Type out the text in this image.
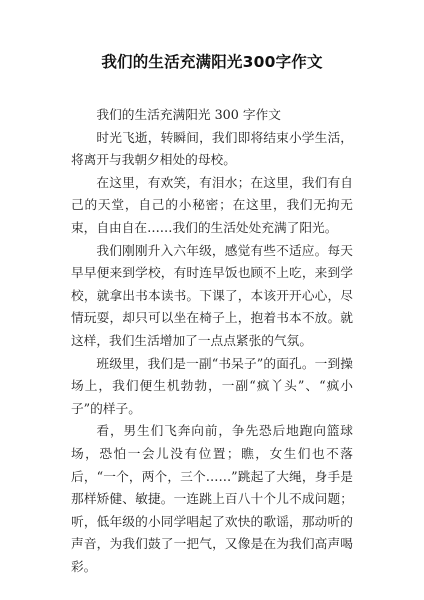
我们的生活充满阳光300字作文

我们的生活充满阳光 300 字作文

时光飞逝，转瞬间，我们即将结束小学生活，将离开与我朝夕相处的母校。

在这里，有欢笑，有泪水；在这里，我们有自己的天堂，自己的小秘密；在这里，我们无拘无束，自由自在……我们的生活处处充满了阳光。

我们刚刚升入六年级，感觉有些不适应。每天早早便来到学校，有时连早饭也顾不上吃，来到学校，就拿出书本读书。下课了，本该开开心心，尽情玩耍，却只可以坐在椅子上，抱着书本不放。就这样，我们生活增加了一点点紧张的气氛。

班级里，我们是一副“书呆子”的面孔。一到操场上，我们便生机勃勃，一副“疯丫头”、“疯小子”的样子。

看，男生们飞奔向前，争先恐后地跑向篮球场，恐怕一会儿没有位置；瞧，女生们也不落后，“一个，两个，三个……”跳起了大绳，身手是那样矫健、敏捷。一连跳上百八十个儿不成问题；听，低年级的小同学唱起了欢快的歌谣，那动听的声音，为我们鼓了一把气，又像是在为我们高声喝彩。
